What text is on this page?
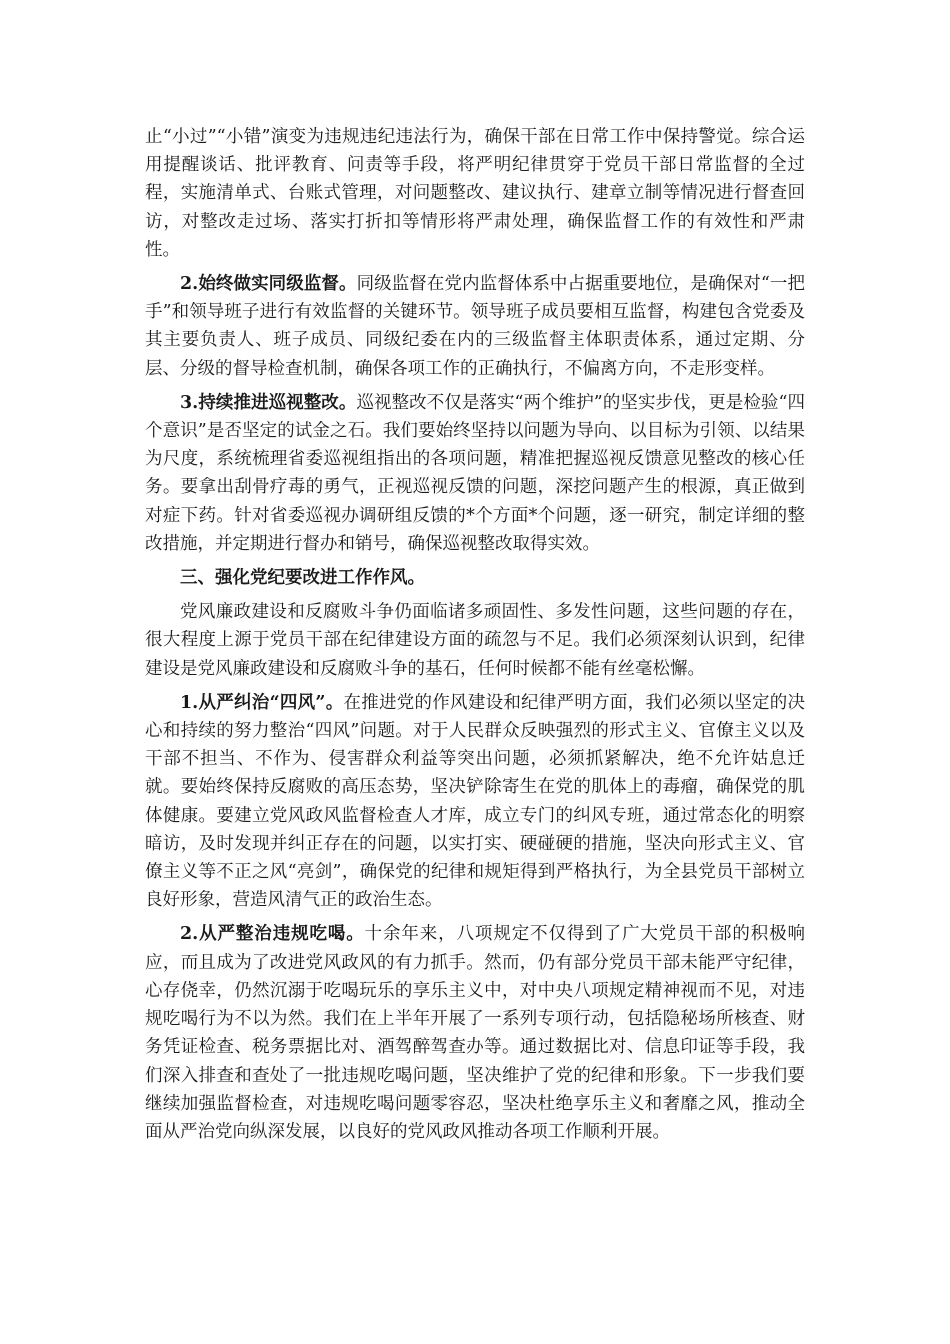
止“小过”“小错”演变为违规违纪违法行为，确保干部在日常工作中保持警觉。综合运用提醒谈话、批评教育、问责等手段，将严明纪律贯穿于党员干部日常监督的全过程，实施清单式、台账式管理，对问题整改、建议执行、建章立制等情况进行督查回访，对整改走过场、落实打折扣等情形将严肃处理，确保监督工作的有效性和严肃性。

2.始终做实同级监督。同级监督在党内监督体系中占据重要地位，是确保对“一把手”和领导班子进行有效监督的关键环节。领导班子成员要相互监督，构建包含党委及其主要负责人、班子成员、同级纪委在内的三级监督主体职责体系，通过定期、分层、分级的督导检查机制，确保各项工作的正确执行，不偏离方向，不走形变样。

3.持续推进巡视整改。巡视整改不仅是落实“两个维护”的坚实步伐，更是检验“四个意识”是否坚定的试金之石。我们要始终坚持以问题为导向、以目标为引领、以结果为尺度，系统梳理省委巡视组指出的各项问题，精准把握巡视反馈意见整改的核心任务。要拿出刮骨疗毒的勇气，正视巡视反馈的问题，深挖问题产生的根源，真正做到对症下药。针对省委巡视办调研组反馈的*个方面*个问题，逐一研究，制定详细的整改措施，并定期进行督办和销号，确保巡视整改取得实效。

三、强化党纪要改进工作作风。

党风廉政建设和反腐败斗争仍面临诸多顽固性、多发性问题，这些问题的存在，很大程度上源于党员干部在纪律建设方面的疏忽与不足。我们必须深刻认识到，纪律建设是党风廉政建设和反腐败斗争的基石，任何时候都不能有丝毫松懈。

1.从严纠治“四风”。在推进党的作风建设和纪律严明方面，我们必须以坚定的决心和持续的努力整治“四风”问题。对于人民群众反映强烈的形式主义、官僚主义以及干部不担当、不作为、侵害群众利益等突出问题，必须抓紧解决，绝不允许姑息迁就。要始终保持反腐败的高压态势，坚决铲除寄生在党的肌体上的毒瘤，确保党的肌体健康。要建立党风政风监督检查人才库，成立专门的纠风专班，通过常态化的明察暗访，及时发现并纠正存在的问题，以实打实、硬碰硬的措施，坚决向形式主义、官僚主义等不正之风“亮剑”，确保党的纪律和规矩得到严格执行，为全县党员干部树立良好形象，营造风清气正的政治生态。

2.从严整治违规吃喝。十余年来，八项规定不仅得到了广大党员干部的积极响应，而且成为了改进党风政风的有力抓手。然而，仍有部分党员干部未能严守纪律，心存侥幸，仍然沉溺于吃喝玩乐的享乐主义中，对中央八项规定精神视而不见，对违规吃喝行为不以为然。我们在上半年开展了一系列专项行动，包括隐秘场所核查、财务凭证检查、税务票据比对、酒驾醉驾查办等。通过数据比对、信息印证等手段，我们深入排查和查处了一批违规吃喝问题，坚决维护了党的纪律和形象。下一步我们要继续加强监督检查，对违规吃喝问题零容忍，坚决杜绝享乐主义和奢靡之风，推动全面从严治党向纵深发展，以良好的党风政风推动各项工作顺利开展。
